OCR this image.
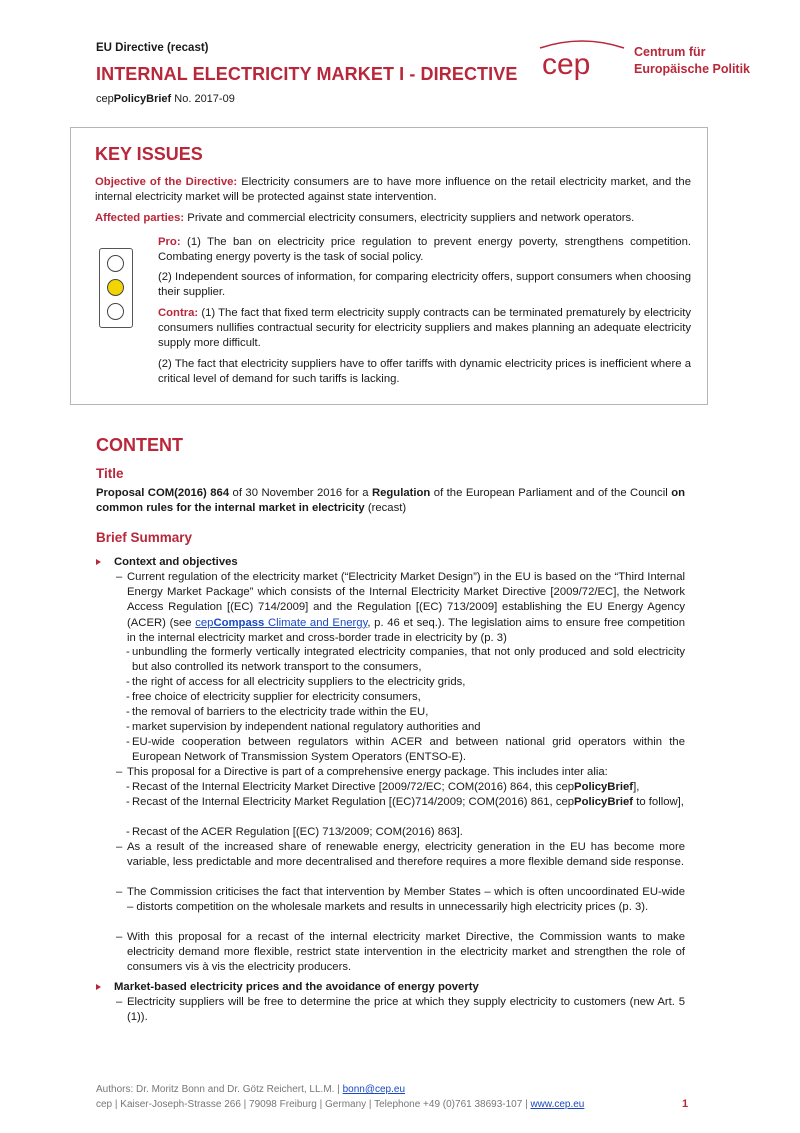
EU Directive (recast)
INTERNAL ELECTRICITY MARKET I - DIRECTIVE
cepPolicyBrief No. 2017-09
cep	Centrum für
Europäische Politik
KEY ISSUES

Objective of the Directive: Electricity consumers are to have more influence on the retail electricity market, and the internal electricity market will be protected against state intervention.

Affected parties: Private and commercial electricity consumers, electricity suppliers and network operators.

Pro: (1) The ban on electricity price regulation to prevent energy poverty, strengthens competition. Combating energy poverty is the task of social policy.

(2) Independent sources of information, for comparing electricity offers, support consumers when choosing their supplier.

Contra: (1) The fact that fixed term electricity supply contracts can be terminated prematurely by electricity consumers nullifies contractual security for electricity suppliers and makes planning an adequate electricity supply more difficult.

(2) The fact that electricity suppliers have to offer tariffs with dynamic electricity prices is inefficient where a critical level of demand for such tariffs is lacking.

CONTENT
Title

Proposal COM(2016) 864 of 30 November 2016 for a Regulation of the European Parliament and of the Council on common rules for the internal market in electricity (recast)

Brief Summary
Context and objectives
– Current regulation of the electricity market (“Electricity Market Design”) in the EU is based on the “Third Internal Energy Market Package” which consists of the Internal Electricity Market Directive [2009/72/EC], the Network Access Regulation [(EC) 714/2009] and the Regulation [(EC) 713/2009] establishing the EU Energy Agency (ACER) (see cepCompass Climate and Energy, p. 46 et seq.). The legislation aims to ensure free competition in the internal electricity market and cross-border trade in electricity by (p. 3)

- unbundling the formerly vertically integrated electricity companies, that not only produced and sold electricity but also controlled its network transport to the consumers,

- the right of access for all electricity suppliers to the electricity grids,

- free choice of electricity supplier for electricity consumers,

- the removal of barriers to the electricity trade within the EU,

- market supervision by independent national regulatory authorities and

- EU-wide cooperation between regulators within ACER and between national grid operators within the European Network of Transmission System Operators (ENTSO-E).

– This proposal for a Directive is part of a comprehensive energy package. This includes inter alia:

- Recast of the Internal Electricity Market Directive [2009/72/EC; COM(2016) 864, this cepPolicyBrief],

- Recast of the Internal Electricity Market Regulation [(EC)714/2009; COM(2016) 861, cepPolicyBrief to follow],

- Recast of the ACER Regulation [(EC) 713/2009; COM(2016) 863].

– As a result of the increased share of renewable energy, electricity generation in the EU has become more variable, less predictable and more decentralised and therefore requires a more flexible demand side response.

– The Commission criticises the fact that intervention by Member States – which is often uncoordinated EU-wide – distorts competition on the wholesale markets and results in unnecessarily high electricity prices (p. 3).

– With this proposal for a recast of the internal electricity market Directive, the Commission wants to make electricity demand more flexible, restrict state intervention in the electricity market and strengthen the role of consumers vis à vis the electricity producers.

Market-based electricity prices and the avoidance of energy poverty
– Electricity suppliers will be free to determine the price at which they supply electricity to customers (new Art. 5 (1)).

Authors: Dr. Moritz Bonn and Dr. Götz Reichert, LL.M. | bonn@cep.eu
cep | Kaiser-Joseph-Strasse 266 | 79098 Freiburg | Germany | Telephone +49 (0)761 38693-107 | www.cep.eu	1
